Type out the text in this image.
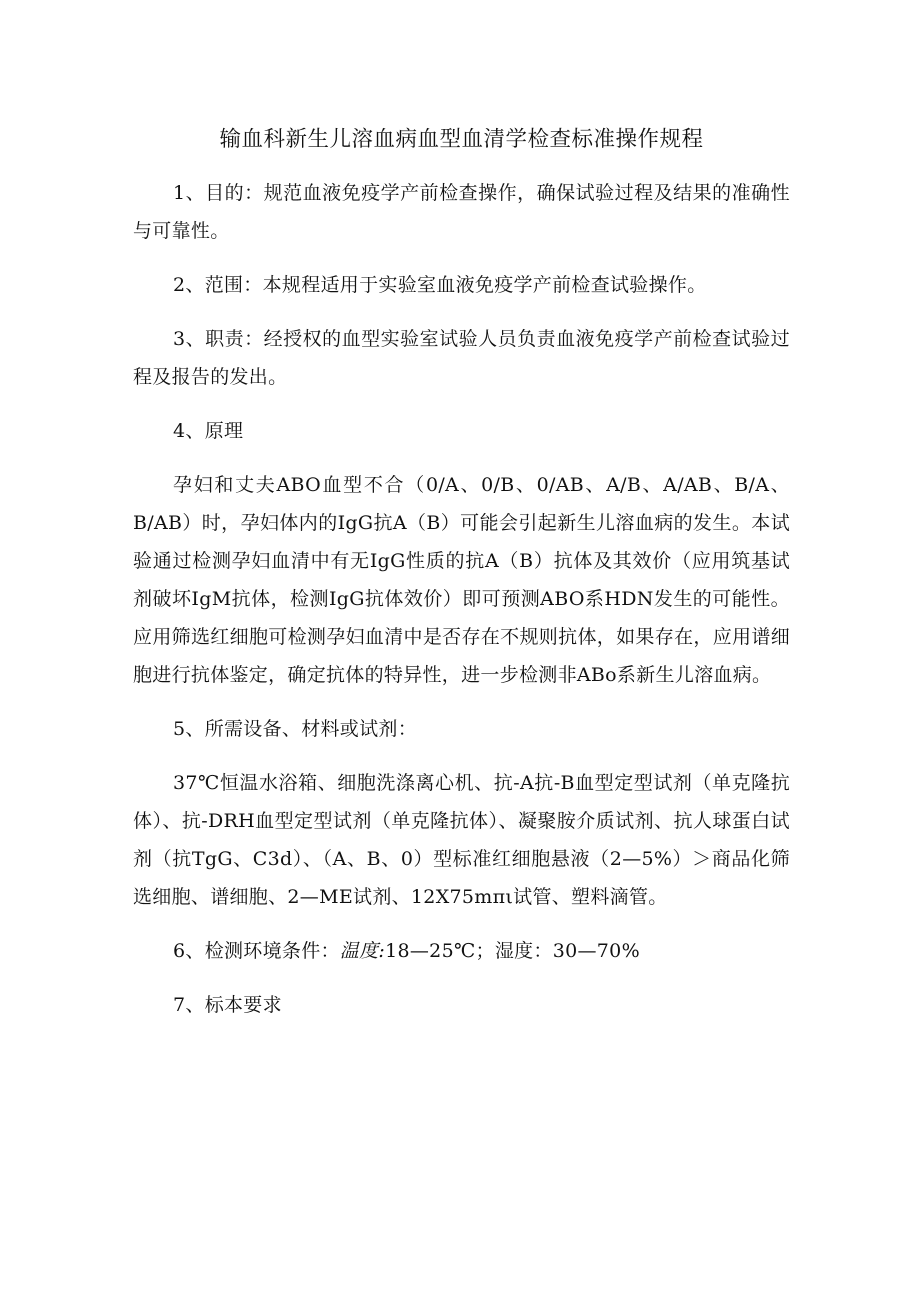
输血科新生儿溶血病血型血清学检查标准操作规程

1、目的：规范血液免疫学产前检查操作，确保试验过程及结果的准确性与可靠性。

2、范围：本规程适用于实验室血液免疫学产前检查试验操作。

3、职责：经授权的血型实验室试验人员负责血液免疫学产前检查试验过程及报告的发出。

4、原理

孕妇和丈夫ABO血型不合（0/A、0/B、0/AB、A/B、A/AB、B/A、B/AB）时，孕妇体内的IgG抗A（B）可能会引起新生儿溶血病的发生。本试验通过检测孕妇血清中有无IgG性质的抗A（B）抗体及其效价（应用筑基试剂破坏IgM抗体，检测IgG抗体效价）即可预测ABO系HDN发生的可能性。应用筛选红细胞可检测孕妇血清中是否存在不规则抗体，如果存在，应用谱细胞进行抗体鉴定，确定抗体的特异性，进一步检测非ABo系新生儿溶血病。

5、所需设备、材料或试剂：

37℃恒温水浴箱、细胞洗涤离心机、抗-A抗-B血型定型试剂（单克隆抗体）、抗-DRH血型定型试剂（单克隆抗体）、凝聚胺介质试剂、抗人球蛋白试剂（抗TgG、C3d）、（A、B、0）型标准红细胞悬液（2—5%）＞商品化筛选细胞、谱细胞、2—ME试剂、12X75mπι试管、塑料滴管。

6、检测环境条件：温度:18—25℃；湿度：30—70%

7、标本要求
